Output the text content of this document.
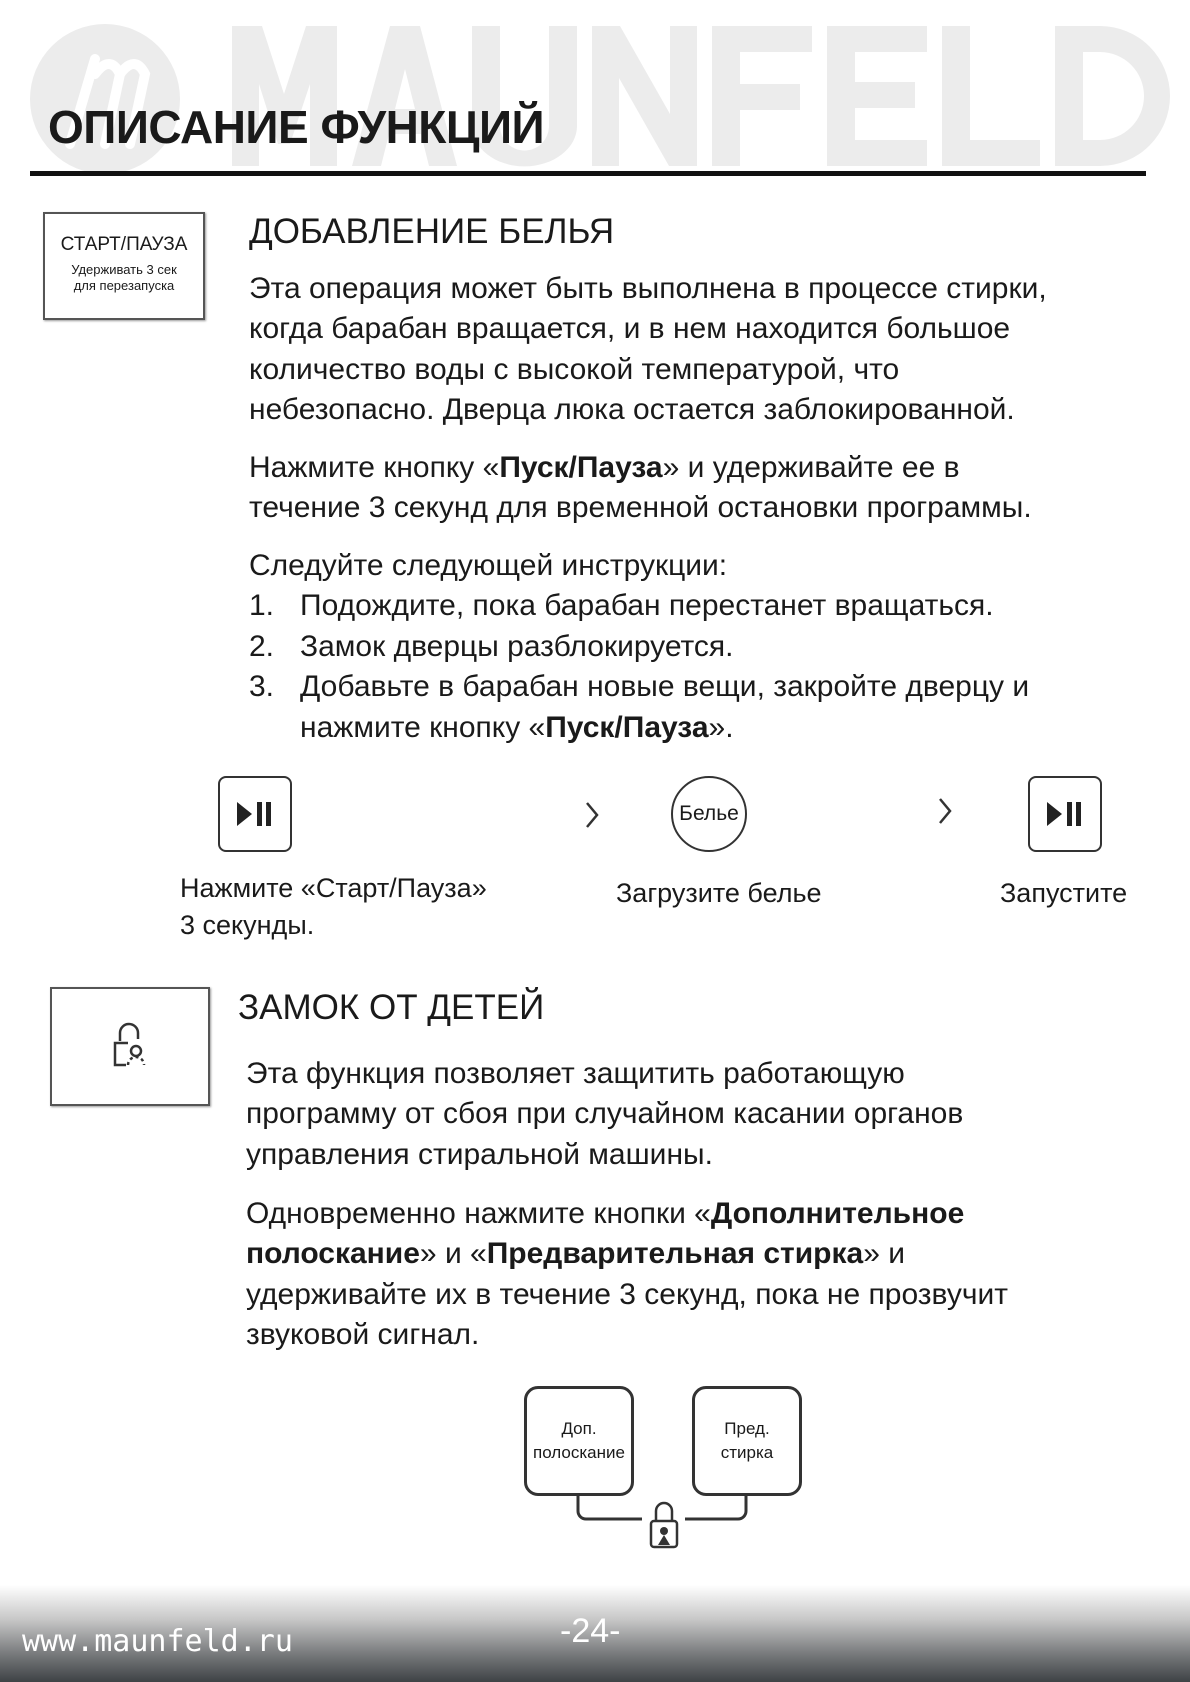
ОПИСАНИЕ ФУНКЦИЙ
СТАРТ/ПАУЗА
Удерживать 3 сек
для перезапуска
ДОБАВЛЕНИЕ БЕЛЬЯ
Эта операция может быть выполнена в процессе стирки,
когда барабан вращается, и в нем находится большое
количество воды с высокой температурой, что
небезопасно. Дверца люка остается заблокированной.
Нажмите кнопку «Пуск/Пауза» и удерживайте ее в
течение 3 секунд для временной остановки программы.
Следуйте следующей инструкции:
1. Подождите, пока барабан перестанет вращаться.
2. Замок дверцы разблокируется.
3. Добавьте в барабан новые вещи, закройте дверцу и
нажмите кнопку «Пуск/Пауза».
Белье
Нажмите «Старт/Пауза»
3 секунды.
Загрузите белье	Запустите
ЗАМОК ОТ ДЕТЕЙ
Эта функция позволяет защитить работающую
программу от сбоя при случайном касании органов
управления стиральной машины.
Одновременно нажмите кнопки «Дополнительное
полоскание» и «Предварительная стирка» и
удерживайте их в течение 3 секунд, пока не прозвучит
звуковой сигнал.
Доп.
полоскание
Пред.
стирка
www.maunfeld.ru	-24-
